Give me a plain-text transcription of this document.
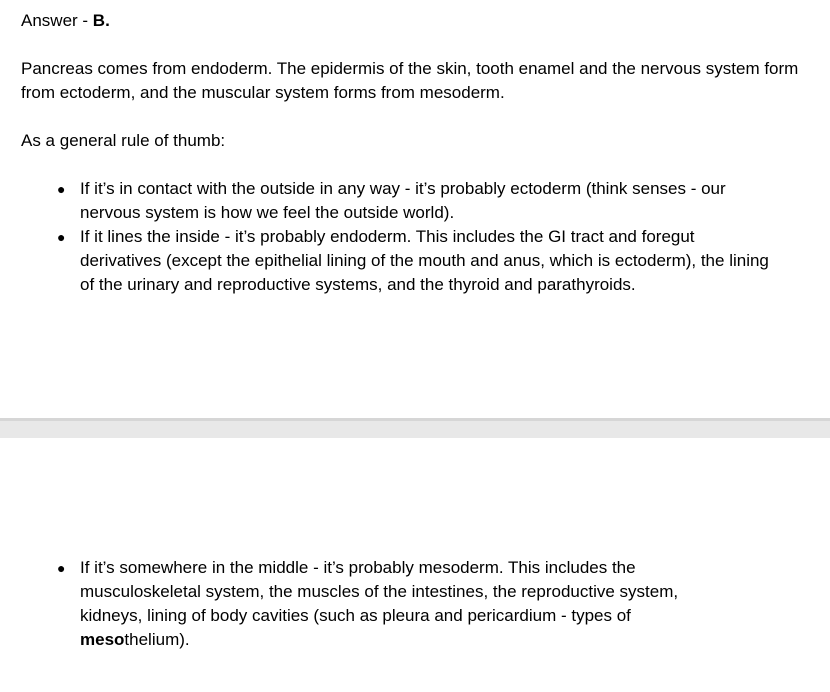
Answer - B.

Pancreas comes from endoderm. The epidermis of the skin, tooth enamel and the nervous system form from ectoderm, and the muscular system forms from mesoderm.

As a general rule of thumb:

● If it’s in contact with the outside in any way - it’s probably ectoderm (think senses - our nervous system is how we feel the outside world).
● If it lines the inside - it’s probably endoderm. This includes the GI tract and foregut derivatives (except the epithelial lining of the mouth and anus, which is ectoderm), the lining of the urinary and reproductive systems, and the thyroid and parathyroids.
● If it’s somewhere in the middle - it’s probably mesoderm. This includes the musculoskeletal system, the muscles of the intestines, the reproductive system, kidneys, lining of body cavities (such as pleura and pericardium - types of mesothelium).
